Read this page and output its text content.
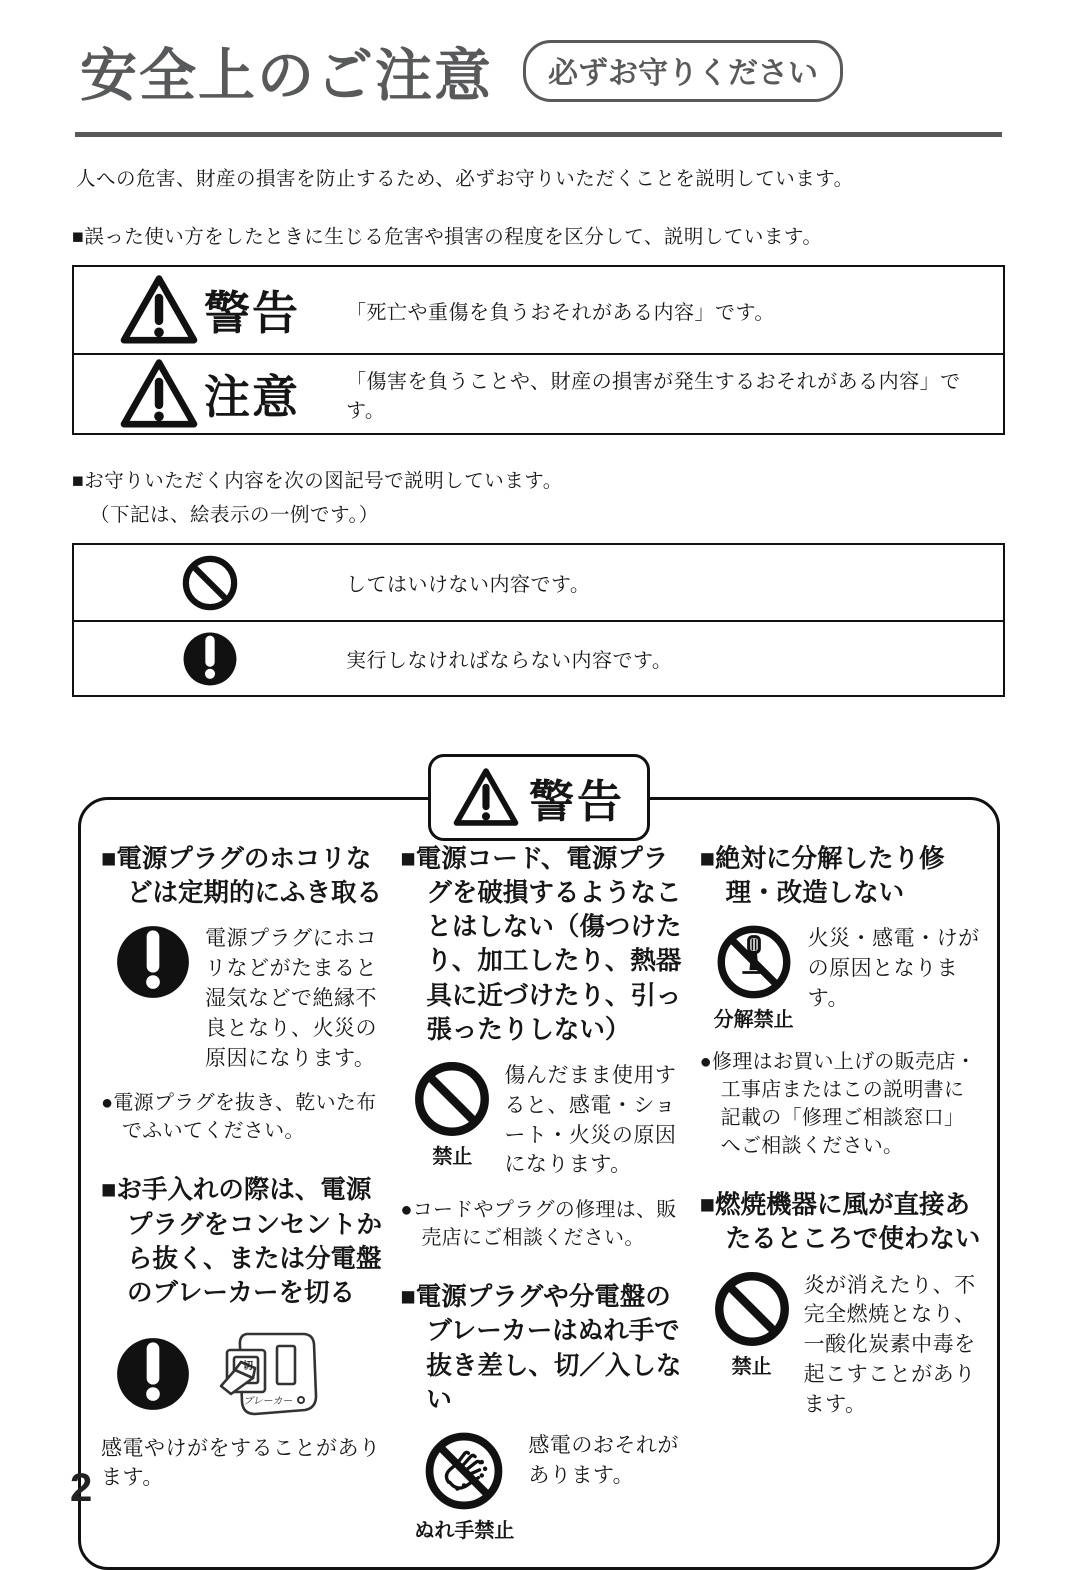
安全上のご注意	必ずお守りください

人への危害、財産の損害を防止するため、必ずお守りいただくことを説明しています。

■誤った使い方をしたときに生じる危害や損害の程度を区分して、説明しています。

警告 「死亡や重傷を負うおそれがある内容」です。
注意 「傷害を負うことや、財産の損害が発生するおそれがある内容」です。

■お守りいただく内容を次の図記号で説明しています。

（下記は、絵表示の一例です。）

してはいけない内容です。
実行しなければならない内容です。
警告
■電源プラグのホコリなどは定期的にふき取る

電源プラグにホコリなどがたまると湿気などで絶縁不良となり、火災の原因になります。

●電源プラグを抜き、乾いた布でふいてください。

■お手入れの際は、電源プラグをコンセントから抜く、または分電盤のブレーカーを切る
切
ブレーカー

感電やけがをすることがあります。

■電源コード、電源プラグを破損するようなことはしない（傷つけたり、加工したり、熱器具に近づけたり、引っ張ったりしない）
禁止

傷んだまま使用すると、感電・ショート・火災の原因になります。

●コードやプラグの修理は、販売店にご相談ください。

■電源プラグや分電盤のブレーカーはぬれ手で抜き差し、切／入しない
ぬれ手禁止

感電のおそれがあります。

■絶対に分解したり修理・改造しない
分解禁止

火災・感電・けがの原因となります。

●修理はお買い上げの販売店・工事店またはこの説明書に記載の「修理ご相談窓口」へご相談ください。

■燃焼機器に風が直接あたるところで使わない
禁止

炎が消えたり、不完全燃焼となり、一酸化炭素中毒を起こすことがあります。

2
